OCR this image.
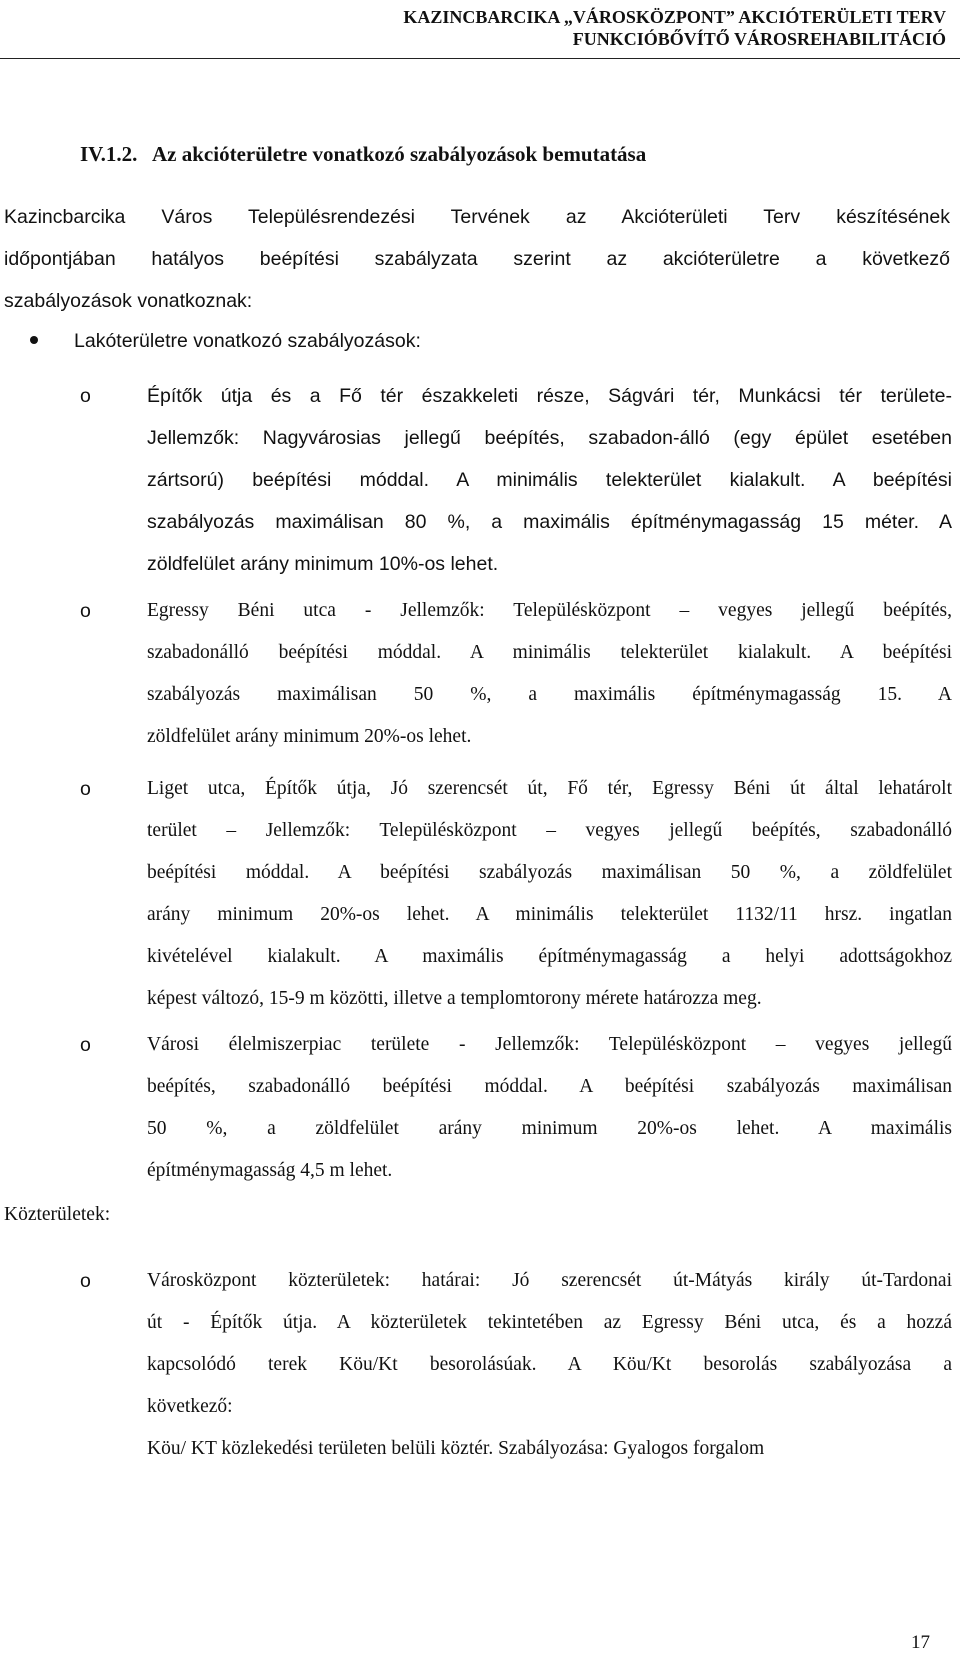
KAZINCBARCIKA „VÁROSKÖZPONT” AKCIÓTERÜLETI TERV
FUNKCIÓBŐVÍTŐ VÁROSREHABILITÁCIÓ
IV.1.2. Az akcióterületre vonatkozó szabályozások bemutatása
Kazincbarcika Város Településrendezési Tervének az Akcióterületi Terv készítésének
időpontjában hatályos beépítési szabályzata szerint az akcióterületre a következő
szabályozások vonatkoznak:
Lakóterületre vonatkozó szabályozások:
o	Építők útja és a Fő tér északkeleti része, Ságvári tér, Munkácsi tér területe-
Jellemzők: Nagyvárosias jellegű beépítés, szabadon-álló (egy épület esetében
zártsorú) beépítési móddal. A minimális telekterület kialakult. A beépítési
szabályozás maximálisan 80 %, a maximális építménymagasság 15 méter. A
zöldfelület arány minimum 10%-os lehet.
o	Egressy Béni utca - Jellemzők: Településközpont – vegyes jellegű beépítés,
szabadonálló beépítési móddal. A minimális telekterület kialakult. A beépítési
szabályozás maximálisan 50 %, a maximális építménymagasság 15. A
zöldfelület arány minimum 20%-os lehet.
o	Liget utca, Építők útja, Jó szerencsét út, Fő tér, Egressy Béni út által lehatárolt
terület – Jellemzők: Településközpont – vegyes jellegű beépítés, szabadonálló
beépítési móddal. A beépítési szabályozás maximálisan 50 %, a zöldfelület
arány minimum 20%-os lehet. A minimális telekterület 1132/11 hrsz. ingatlan
kivételével kialakult. A maximális építménymagasság a helyi adottságokhoz
képest változó, 15-9 m közötti, illetve a templomtorony mérete határozza meg.
o	Városi élelmiszerpiac területe - Jellemzők: Településközpont – vegyes jellegű
beépítés, szabadonálló beépítési móddal. A beépítési szabályozás maximálisan
50 %, a zöldfelület arány minimum 20%-os lehet. A maximális
építménymagasság 4,5 m lehet.
Közterületek:
o	Városközpont közterületek: határai: Jó szerencsét út-Mátyás király út-Tardonai
út - Építők útja. A közterületek tekintetében az Egressy Béni utca, és a hozzá
kapcsolódó terek Köu/Kt besorolásúak. A Köu/Kt besorolás szabályozása a
következő:
Köu/ KT közlekedési területen belüli köztér. Szabályozása: Gyalogos forgalom
17
